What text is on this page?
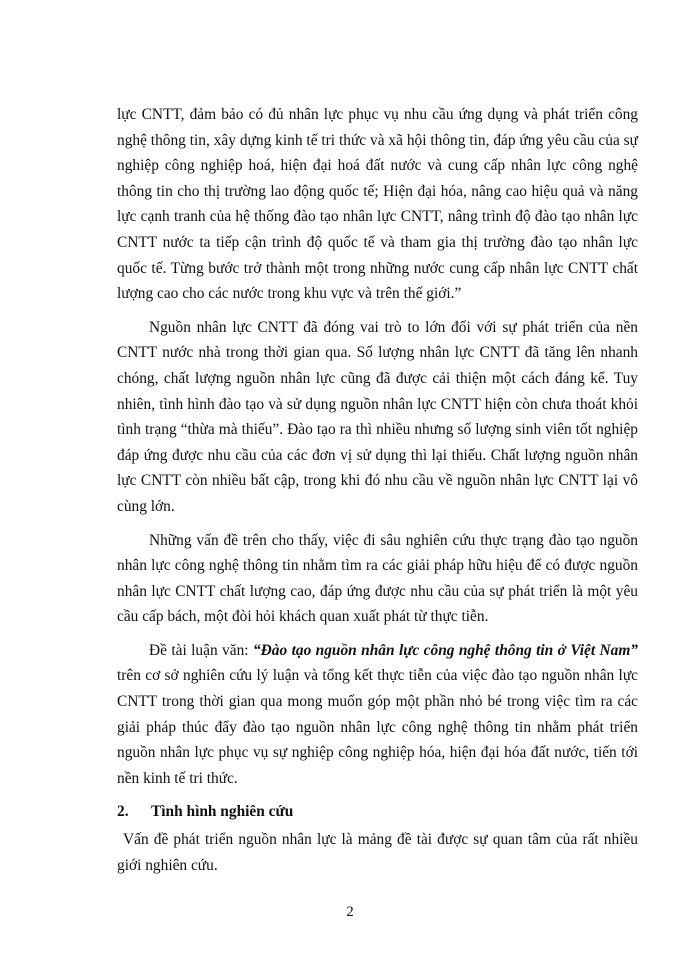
lực CNTT, đảm bảo có đủ nhân lực phục vụ nhu cầu ứng dụng và phát triển công nghệ thông tin, xây dựng kinh tế tri thức và xã hội thông tin, đáp ứng yêu cầu của sự nghiệp công nghiệp hoá, hiện đại hoá đất nước và cung cấp nhân lực công nghệ thông tin cho thị trường lao động quốc tế; Hiện đại hóa, nâng cao hiệu quả và năng lực cạnh tranh của hệ thống đào tạo nhân lực CNTT, nâng trình độ đào tạo nhân lực CNTT nước ta tiếp cận trình độ quốc tế và tham gia thị trường đào tạo nhân lực quốc tế. Từng bước trở thành một trong những nước cung cấp nhân lực CNTT chất lượng cao cho các nước trong khu vực và trên thế giới.”

Nguồn nhân lực CNTT đã đóng vai trò to lớn đối với sự phát triển của nền CNTT nước nhà trong thời gian qua. Số lượng nhân lực CNTT đã tăng lên nhanh chóng, chất lượng nguồn nhân lực cũng đã được cải thiện một cách đáng kể. Tuy nhiên, tình hình đào tạo và sử dụng nguồn nhân lực CNTT hiện còn chưa thoát khỏi tình trạng “thừa mà thiếu”. Đào tạo ra thì nhiều nhưng số lượng sinh viên tốt nghiệp đáp ứng được nhu cầu của các đơn vị sử dụng thì lại thiếu. Chất lượng nguồn nhân lực CNTT còn nhiều bất cập, trong khi đó nhu cầu về nguồn nhân lực CNTT lại vô cùng lớn.

Những vấn đề trên cho thấy, việc đi sâu nghiên cứu thực trạng đào tạo nguồn nhân lực công nghệ thông tin nhằm tìm ra các giải pháp hữu hiệu để có được nguồn nhân lực CNTT chất lượng cao, đáp ứng được nhu cầu của sự phát triển là một yêu cầu cấp bách, một đòi hỏi khách quan xuất phát từ thực tiễn.

Đề tài luận văn: “Đào tạo nguồn nhân lực công nghệ thông tin ở Việt Nam” trên cơ sở nghiên cứu lý luận và tổng kết thực tiễn của việc đào tạo nguồn nhân lực CNTT trong thời gian qua mong muốn góp một phần nhỏ bé trong việc tìm ra các giải pháp thúc đẩy đào tạo nguồn nhân lực công nghệ thông tin nhằm phát triển nguồn nhân lực phục vụ sự nghiệp công nghiệp hóa, hiện đại hóa đất nước, tiến tới nền kinh tế tri thức.

2.	Tình hình nghiên cứu

Vấn đề phát triển nguồn nhân lực là mảng đề tài được sự quan tâm của rất nhiều giới nghiên cứu.

2
